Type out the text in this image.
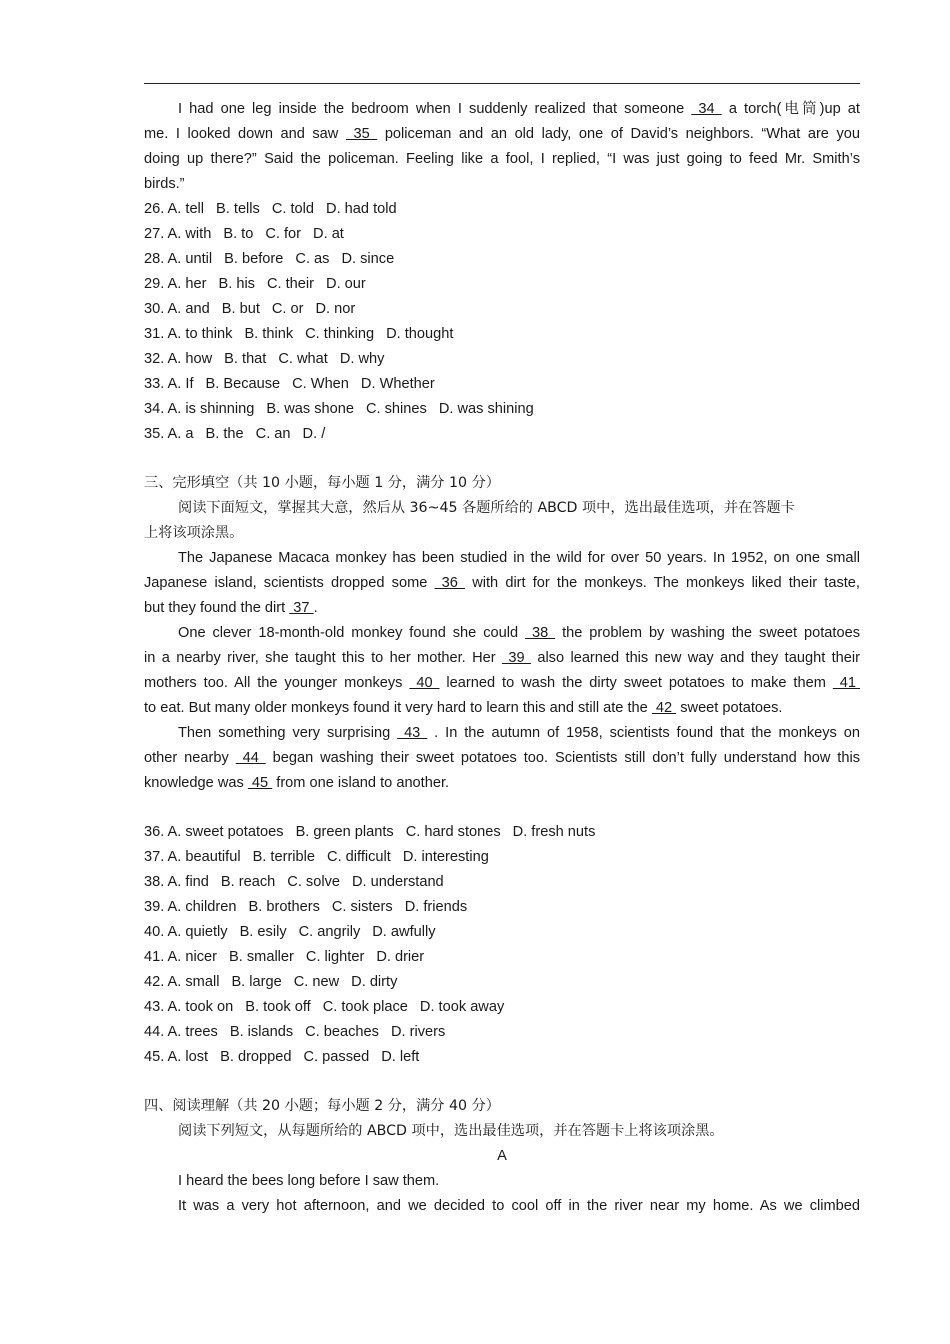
I had one leg inside the bedroom when I suddenly realized that someone  34  a torch(电筒)up at
me. I looked down and saw  35  policeman and an old lady, one of David’s neighbors. “What are you
doing up there?” Said the policeman. Feeling like a fool, I replied, “I was just going to feed Mr. Smith’s
birds.”
26. A. tell B. tells C. told D. had told
27. A. with B. to C. for D. at
28. A. until B. before C. as D. since
29. A. her B. his C. their D. our
30. A. and B. but C. or D. nor
31. A. to think B. think C. thinking D. thought
32. A. how B. that C. what D. why
33. A. If B. Because C. When D. Whether
34. A. is shinning B. was shone C. shines D. was shining
35. A. a B. the C. an D. /
三、完形填空（共 10 小题，每小题 1 分，满分 10 分）
阅读下面短文，掌握其大意，然后从 36~45 各题所给的 ABCD 项中，选出最佳选项，并在答题卡
上将该项涂黑。
The Japanese Macaca monkey has been studied in the wild for over 50 years. In 1952, on one small
Japanese island, scientists dropped some  36  with dirt for the monkeys. The monkeys liked their taste,
but they found the dirt  37 .
One clever 18-month-old monkey found she could  38  the problem by washing the sweet potatoes
in a nearby river, she taught this to her mother. Her  39  also learned this new way and they taught their
mothers too. All the younger monkeys  40  learned to wash the dirty sweet potatoes to make them  41
to eat. But many older monkeys found it very hard to learn this and still ate the  42  sweet potatoes.
Then something very surprising  43  . In the autumn of 1958, scientists found that the monkeys on
other nearby  44  began washing their sweet potatoes too. Scientists still don’t fully understand how this
knowledge was  45  from one island to another.
36. A. sweet potatoes B. green plants C. hard stones D. fresh nuts
37. A. beautiful B. terrible C. difficult D. interesting
38. A. find B. reach C. solve D. understand
39. A. children B. brothers C. sisters D. friends
40. A. quietly B. esily C. angrily D. awfully
41. A. nicer B. smaller C. lighter D. drier
42. A. small B. large C. new D. dirty
43. A. took on B. took off C. took place D. took away
44. A. trees B. islands C. beaches D. rivers
45. A. lost B. dropped C. passed D. left
四、阅读理解（共 20 小题；每小题 2 分，满分 40 分）
阅读下列短文，从每题所给的 ABCD 项中，选出最佳选项，并在答题卡上将该项涂黑。
A
I heard the bees long before I saw them.
It was a very hot afternoon, and we decided to cool off in the river near my home. As we climbed
